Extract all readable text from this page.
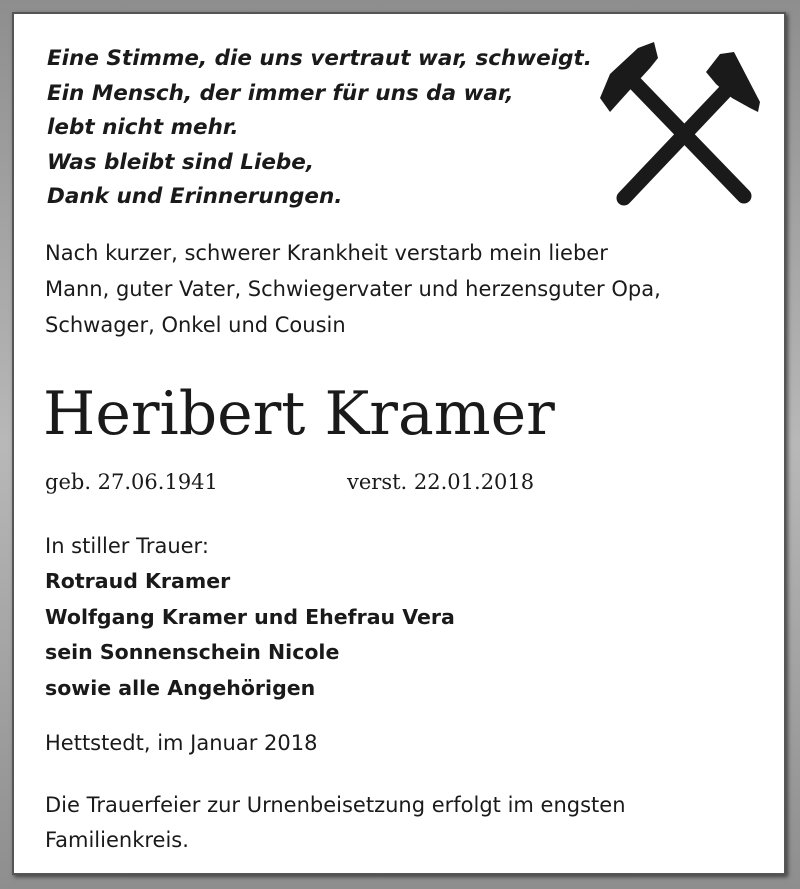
Eine Stimme, die uns vertraut war, schweigt.
Ein Mensch, der immer für uns da war,
lebt nicht mehr.
Was bleibt sind Liebe,
Dank und Erinnerungen.
Nach kurzer, schwerer Krankheit verstarb mein lieber
Mann, guter Vater, Schwiegervater und herzensguter Opa,
Schwager, Onkel und Cousin
Heribert Kramer
geb. 27.06.1941	verst. 22.01.2018
In stiller Trauer:
Rotraud Kramer
Wolfgang Kramer und Ehefrau Vera
sein Sonnenschein Nicole
sowie alle Angehörigen
Hettstedt, im Januar 2018
Die Trauerfeier zur Urnenbeisetzung erfolgt im engsten
Familienkreis.
